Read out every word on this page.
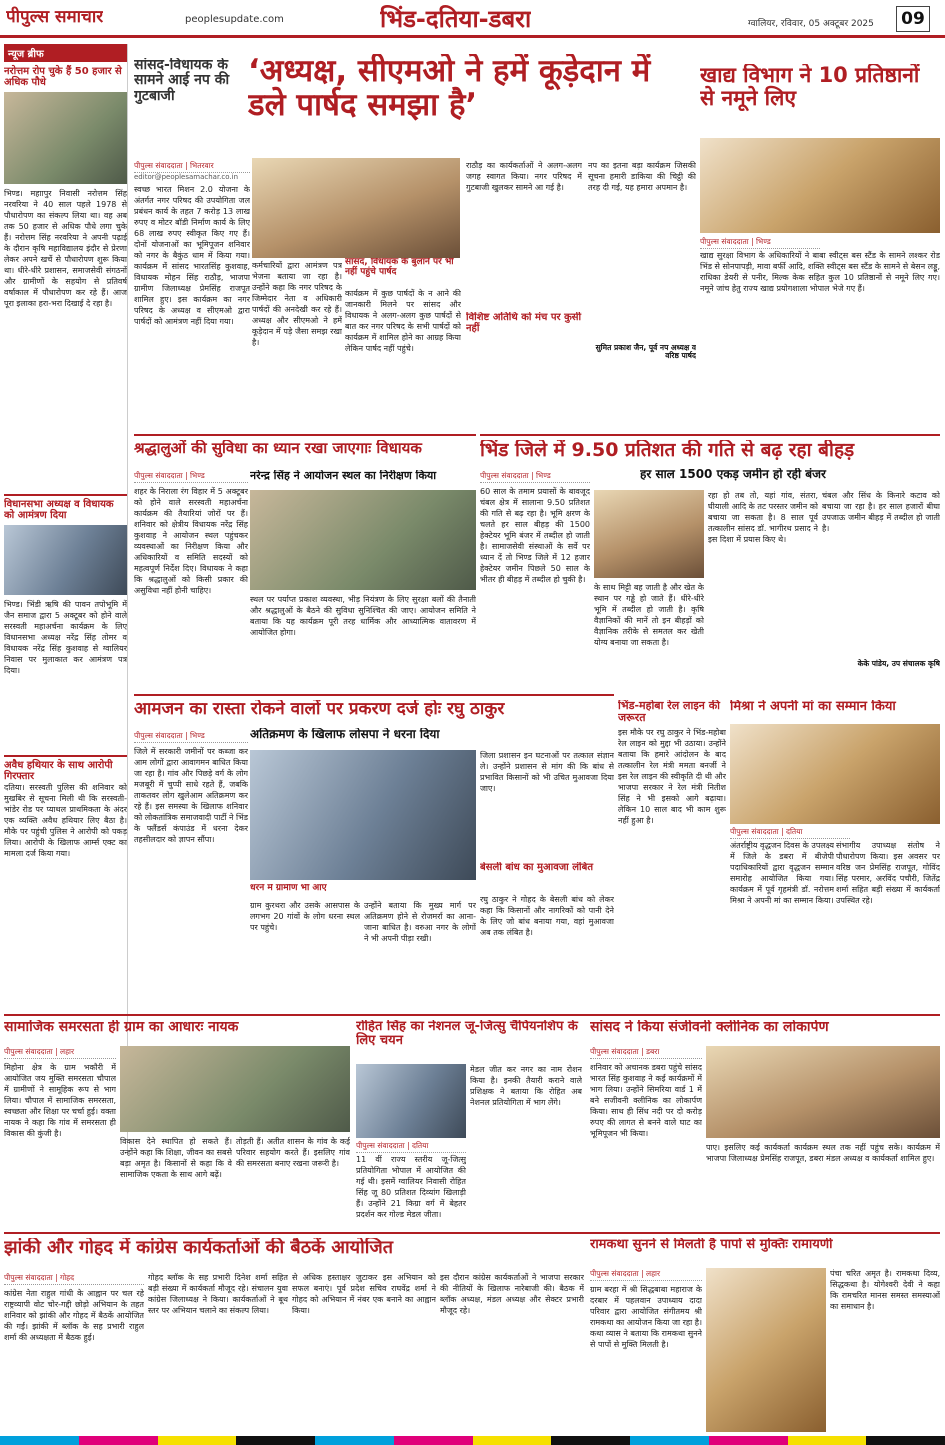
पीपुल्स समाचार	peoplesupdate.com	भिंड-दतिया-डबरा	ग्वालियर, रविवार, 05 अक्टूबर 2025	09
न्यूज ब्रीफ
नरोत्तम रोप चुके हैं 50 हजार से अधिक पौधे
भिण्ड। महाापुर निवासी नरोत्तम सिंह नरवरिया ने 40 साल पहले 1978 से पौधारोपण का संकल्प लिया था। वह अब तक 50 हजार से अधिक पौधे लगा चुके हैं। नरोत्तम सिंह नरवरिया ने अपनी पढ़ाई के दौरान कृषि महाविद्यालय इंदौर से प्रेरणा लेकर अपने खर्चे से पौधारोपण शुरू किया था। धीरे-धीरे प्रशासन, समाजसेवी संगठनों और ग्रामीणों के सहयोग से प्रतिवर्ष वर्षाकाल में पौधारोपण कर रहे हैं। आज पूरा इलाका हरा-भरा दिखाई दे रहा है।
विधानसभा अध्यक्ष व विधायक को आमंत्रण दिया
भिण्ड। भिंडी ऋषि की पावन तपोभूमि में जैन समाज द्वारा 5 अक्टूबर को होने वाले सरस्वती महाअर्चना कार्यक्रम के लिए विधानसभा अध्यक्ष नरेंद्र सिंह तोमर व विधायक नरेंद्र सिंह कुशवाह से ग्वालियर निवास पर मुलाकात कर आमंत्रण पत्र दिया।
अवैध हथियार के साथ आरोपी गिरफ्तार
दतिया। सरस्वती पुलिस की शनिवार को मुखबिर से सूचना मिली थी कि सरस्वती-भांडेर रोड पर प्याथल प्राथमिकता के अंदर एक व्यक्ति अवैध हथियार लिए बैठा है। मौके पर पहुंची पुलिस ने आरोपी को पकड़ लिया। आरोपी के खिलाफ आर्म्स एक्ट का मामला दर्ज किया गया।
सांसद-विधायक के सामने आई नप की गुटबाजी
‘अध्यक्ष, सीएमओ ने हमें कूड़ेदान में डले पार्षद समझा है’
पीपुल्स संवाददाता | भितरवार
editor@peoplesamachar.co.in
स्वच्छ भारत मिशन 2.0 योजना के अंतर्गत नगर परिषद की उपयोगिता जल प्रबंधन कार्य के तहत 7 करोड़ 13 लाख रुपए व मोटर बॉडी निर्माण कार्य के लिए 68 लाख रुपए स्वीकृत किए गए हैं। दोनों योजनाओं का भूमिपूजन शनिवार को नगर के बैकुंठ धाम में किया गया। कार्यक्रम में सांसद भारतसिंह कुशवाह, विधायक मोहन सिंह राठौड़, भाजपा ग्रामीण जिलाध्यक्ष प्रेमसिंह राजपूत शामिल हुए। इस कार्यक्रम का नगर परिषद के अध्यक्ष व सीएमओ द्वारा पार्षदों को आमंत्रण नहीं दिया गया।
सांसद, विधायक के बुलाने पर भी नहीं पहुंचे पार्षद
कर्मचारियों द्वारा आमंत्रण पत्र भेजना बताया जा रहा है। उन्होंने कहा कि नगर परिषद के जिम्मेदार नेता व अधिकारी पार्षदों की अनदेखी कर रहे हैं। अध्यक्ष और सीएमओ ने हमें कूड़ेदान में पड़े जैसा समझ रखा है।
कार्यक्रम में कुछ पार्षदों के न आने की जानकारी मिलने पर सांसद और विधायक ने अलग-अलग कुछ पार्षदों से बात कर नगर परिषद के सभी पार्षदों को कार्यक्रम में शामिल होने का आग्रह किया लेकिन पार्षद नहीं पहुंचे।
राठौड़ का कार्यकर्ताओं ने अलग-अलग जगह स्वागत किया। नगर परिषद में गुटबाजी खुलकर सामने आ गई है।
विशिष्ट अतिथि को मंच पर कुर्सी नहीं
नप का इतना बड़ा कार्यक्रम जिसकी सूचना हमारी डाकिया की चिट्ठी की तरह दी गई, यह हमारा अपमान है।
सुमित प्रकाश जैन, पूर्व नप अध्यक्ष व वरिष्ठ पार्षद
खाद्य विभाग ने 10 प्रतिष्ठानों से नमूने लिए
पीपुल्स संवाददाता | भिण्ड
खाद्य सुरक्षा विभाग के अधिकारियों ने बाबा स्वीट्स बस स्टैंड के सामने लश्कर रोड भिंड से सोनपापड़ी, मावा बर्फी आदि, शक्ति स्वीट्स बस स्टैंड के सामने से बेसन लड्डू, राधिका डेयरी से पनीर, मिल्क केक सहित कुल 10 प्रतिष्ठानों से नमूने लिए गए। नमूने जांच हेतु राज्य खाद्य प्रयोगशाला भोपाल भेजे गए हैं।
श्रद्धालुओं की सुविधा का ध्यान रखा जाएगाः विधायक
नरेन्द्र सिंह ने आयोजन स्थल का निरीक्षण किया
पीपुल्स संवाददाता | भिण्ड
शहर के निराला रंग विहार में 5 अक्टूबर को होने वाले सरस्वती महाअर्चना कार्यक्रम की तैयारियां जोरों पर हैं। शनिवार को क्षेत्रीय विधायक नरेंद्र सिंह कुशवाह ने आयोजन स्थल पहुंचकर व्यवस्थाओं का निरीक्षण किया और अधिकारियों व समिति सदस्यों को महत्वपूर्ण निर्देश दिए। विधायक ने कहा कि श्रद्धालुओं को किसी प्रकार की असुविधा नहीं होनी चाहिए।
स्थल पर पर्याप्त प्रकाश व्यवस्था, भीड़ नियंत्रण के लिए सुरक्षा बलों की तैनाती और श्रद्धालुओं के बैठने की सुविधा सुनिश्चित की जाए। आयोजन समिति ने बताया कि यह कार्यक्रम पूरी तरह धार्मिक और आध्यात्मिक वातावरण में आयोजित होगा।
भिंड जिले में 9.50 प्रतिशत की गति से बढ़ रहा बीहड़
हर साल 1500 एकड़ जमीन हो रही बंजर
पीपुल्स संवाददाता | भिण्ड
60 साल के तमाम प्रयासों के बावजूद चंबल क्षेत्र में सालाना 9.50 प्रतिशत की गति से बढ़ रहा है। भूमि क्षरण के चलते हर साल बीहड़ की 1500 हेक्टेयर भूमि बंजर में तब्दील हो जाती है। सामाजसेवी संस्थाओं के सर्वे पर ध्यान दें तो भिण्ड जिले में 12 हजार हेक्टेयर जमीन पिछले 50 साल के भीतर ही बीहड़ में तब्दील हो चुकी है।
के साथ मिट्टी बह जाती है और खेत के स्थान पर गड्ढे हो जाते हैं। धीरे-धीरे भूमि में तब्दील हो जाती है। कृषि वैज्ञानिकों की मानें तो इन बीहड़ों को वैज्ञानिक तरीके से समतल कर खेती योग्य बनाया जा सकता है।
रहा हो तब तो, यहां गांव, संतरा, घीयाली आदि के तट परस्तर जमीन को बचाया जा सकता है। 8 साल पूर्व तत्कालीन सांसद डॉ. भागीरथ प्रसाद ने इस दिशा में प्रयास किए थे।
चंबल और सिंध के किनारे कटाव को बचाया जा रहा है। हर साल हजारों बीघा उपजाऊ जमीन बीहड़ में तब्दील हो जाती है।
केके पांडेय, उप संचालक कृषि
आमजन का रास्ता रोकने वालों पर प्रकरण दर्ज होः रघु ठाकुर
अतिक्रमण के खिलाफ लोसपा ने धरना दिया
पीपुल्स संवाददाता | भिण्ड
जिले में सरकारी जमीनों पर कब्जा कर आम लोगों द्वारा आवागमन बाधित किया जा रहा है। गांव और पिछड़े वर्ग के लोग मजबूरी में चुप्पी साधे रहते हैं, जबकि ताकतवर लोग खुलेआम अतिक्रमण कर रहे हैं। इस समस्या के खिलाफ शनिवार को लोकतांत्रिक समाजवादी पार्टी ने भिंड के फ्लैंडर्स कंपाउंड में धरना देकर तहसीलदार को ज्ञापन सौंपा।
धरने में ग्रामीण भी आए
ग्राम कुरथरा और उसके आसपास के लगभग 20 गांवों के लोग धरना स्थल पर पहुंचे।
उन्होंने बताया कि मुख्य मार्ग पर अतिक्रमण होने से रोजमर्रा का आना-जाना बाधित है। वरुआ नगर के लोगों ने भी अपनी पीड़ा रखी।
जिला प्रशासन इन घटनाओं पर तत्काल संज्ञान ले। उन्होंने प्रशासन से मांग की कि बांध से प्रभावित किसानों को भी उचित मुआवजा दिया जाए।
बेसली बांध का मुआवजा लंबित
रघु ठाकुर ने गोहद के बेसली बांध को लेकर कहा कि किसानों और नागरिकों को पानी देने के लिए जो बांध बनाया गया, वहां मुआवजा अब तक लंबित है।
भिंड-महोबा रेल लाइन की जरूरत
इस मौके पर रघु ठाकुर ने भिंड-महोबा रेल लाइन को मुद्दा भी उठाया। उन्होंने बताया कि हमारे आंदोलन के बाद तत्कालीन रेल मंत्री ममता बनर्जी ने इस रेल लाइन की स्वीकृति दी थी और भाजपा सरकार ने रेल मंत्री नितीश सिंह ने भी इसको आगे बढ़ाया। लेकिन 10 साल बाद भी काम शुरू नहीं हुआ है।
मिश्रा ने अपनी मां का सम्मान किया
पीपुल्स संवाददाता | दतिया
अंतर्राष्ट्रीय वृद्धजन दिवस के उपलक्ष्य में जिले के डबरा में बीजेपी पदाधिकारियों द्वारा वृद्धजन सम्मान समारोह आयोजित किया गया। कार्यक्रम में पूर्व गृहमंत्री डॉ. नरोत्तम मिश्रा ने अपनी मां का सम्मान किया।
संभागीय उपाध्यक्ष संतोष ने पौधारोपण किया। इस अवसर पर वरिष्ठ जन प्रेमसिंह राजपूत, गोविंद सिंह परमार, अरविंद पचौरी, जितेंद्र शर्मा सहित बड़ी संख्या में कार्यकर्ता उपस्थित रहे।
सामाजिक समरसता ही ग्राम का आधारः नायक
पीपुल्स संवाददाता | लहार
मिहोना क्षेत्र के ग्राम भकौरी में आयोजित जय मुक्ति समरसता चौपाल में ग्रामीणों ने सामूहिक रूप से भाग लिया। चौपाल में सामाजिक समरसता, स्वच्छता और शिक्षा पर चर्चा हुई। वक्ता नायक ने कहा कि गांव में समरसता ही विकास की कुंजी है।
विकास देने स्थापित हो सकते हैं। उन्होंने कहा कि शिक्षा, जीवन का सबसे बड़ा अमृत है। किसानों से कहा कि वे सामाजिक एकता के साथ आगे बढ़ें।
तोड़ती हैं। अतीत शासन के गांव के कई परिवार सहयोग करते हैं। इसलिए गांव की समरसता बनाए रखना जरूरी है।
रोहित सिंह का नेशनल जू-जित्सु चैंपियनशिप के लिए चयन
पीपुल्स संवाददाता | दतिया
11 वीं राज्य स्तरीय जू-जित्सु प्रतियोगिता भोपाल में आयोजित की गई थी। इसमें ग्वालियर निवासी रोहित सिंह जू 80 प्रतिशत दिव्यांग खिलाड़ी हैं। उन्होंने 21 किग्रा वर्ग में बेहतर प्रदर्शन कर गोल्ड मेडल जीता।
मेडल जीत कर नगर का नाम रोशन किया है। इनकी तैयारी कराने वाले प्रशिक्षक ने बताया कि रोहित अब नेशनल प्रतियोगिता में भाग लेंगे।
सांसद ने किया संजीवनी क्लीनिक का लोकार्पण
पीपुल्स संवाददाता | डबरा
शनिवार को अचानक डबरा पहुंचे सांसद भारत सिंह कुशवाह ने कई कार्यक्रमों में भाग लिया। उन्होंने सिमरिया वार्ड 1 में बने सजीवनी क्लीनिक का लोकार्पण किया। साथ ही सिंध नदी पर दो करोड़ रुपए की लागत से बनने वाले घाट का भूमिपूजन भी किया।
पाए। इसलिए कई कार्यकर्ता कार्यक्रम स्थल तक नहीं पहुंच सके। कार्यक्रम में भाजपा जिलाध्यक्ष प्रेमसिंह राजपूत, डबरा मंडल अध्यक्ष व कार्यकर्ता शामिल हुए।
झांकी और गोहद में कांग्रेस कार्यकर्ताओं की बैठकें आयोजित
पीपुल्स संवाददाता | गोहद
कांग्रेस नेता राहुल गांधी के आह्वान पर चल रहे राष्ट्रव्यापी वोट चोर-गद्दी छोड़ो अभियान के तहत शनिवार को झांकी और गोहद में बैठकें आयोजित की गईं। झांकी में ब्लॉक के सह प्रभारी राहुल शर्मा की अध्यक्षता में बैठक हुई।
गोहद ब्लॉक के सह प्रभारी दिनेश शर्मा सहित बड़ी संख्या में कार्यकर्ता मौजूद रहे। संचालन युवा कांग्रेस जिलाध्यक्ष ने किया। कार्यकर्ताओं ने बूथ स्तर पर अभियान चलाने का संकल्प लिया।
से अधिक हस्ताक्षर जुटाकर इस अभियान को सफल बनाएं। पूर्व प्रदेश सचिव राघवेंद्र शर्मा ने गोहद को अभियान में नंबर एक बनाने का आह्वान किया।
इस दौरान कांग्रेस कार्यकर्ताओं ने भाजपा सरकार की नीतियों के खिलाफ नारेबाजी की। बैठक में ब्लॉक अध्यक्ष, मंडल अध्यक्ष और सेक्टर प्रभारी मौजूद रहे।
रामकथा सुनने से मिलती है पापों से मुक्तिः रामायणी
पीपुल्स संवाददाता | लहार
ग्राम बरहा में श्री सिद्धबाबा महाराज के दरबार में पहलवान उपाध्याय दादा परिवार द्वारा आयोजित संगीतमय श्री रामकथा का आयोजन किया जा रहा है। कथा व्यास ने बताया कि रामकथा सुनने से पापों से मुक्ति मिलती है।
पंचा चरित अमृत है। रामकथा दिव्य, सिद्धकथा है। योगेश्वरी देवी ने कहा कि रामचरित मानस समस्त समस्याओं का समाधान है।
